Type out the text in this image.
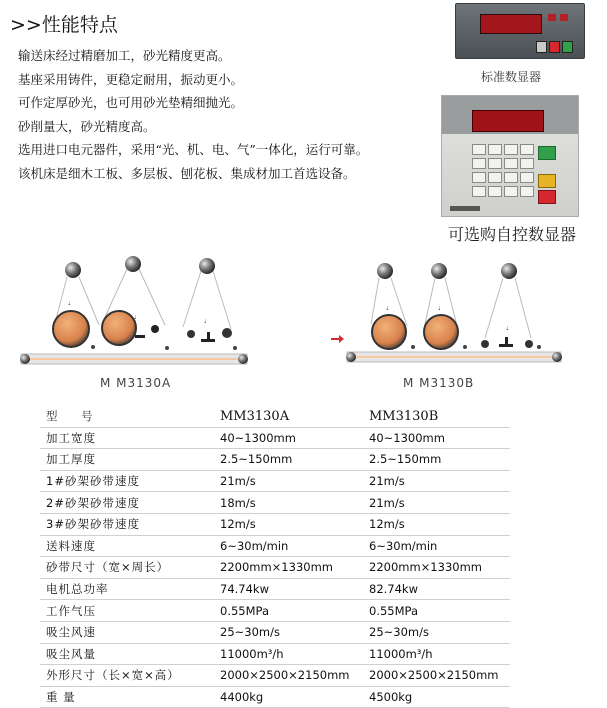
>>性能特点
输送床经过精磨加工，砂光精度更高。
基座采用铸件，更稳定耐用，振动更小。
可作定厚砂光，也可用砂光垫精细抛光。
砂削量大，砂光精度高。
选用进口电元器件，采用“光、机、电、气”一体化，运行可靠。
该机床是细木工板、多层板、刨花板、集成材加工首选设备。
标准数显器
可选购自控数显器
⇣
⇣
⇣
M M3130A
⇣	⇣
⇣
M M3130B
型 号	MM3130A	MM3130B
加工宽度	40~1300mm	40~1300mm
加工厚度	2.5~150mm	2.5~150mm
1#砂架砂带速度	21m/s	21m/s
2#砂架砂带速度	18m/s	21m/s
3#砂架砂带速度	12m/s	12m/s
送料速度	6~30m/min	6~30m/min
砂带尺寸（宽×周长）	2200mm×1330mm	2200mm×1330mm
电机总功率	74.74kw	82.74kw
工作气压	0.55MPa	0.55MPa
吸尘风速	25~30m/s	25~30m/s
吸尘风量	11000m³/h	11000m³/h
外形尺寸（长×宽×高）	2000×2500×2150mm	2000×2500×2150mm
重 量	4400kg	4500kg
